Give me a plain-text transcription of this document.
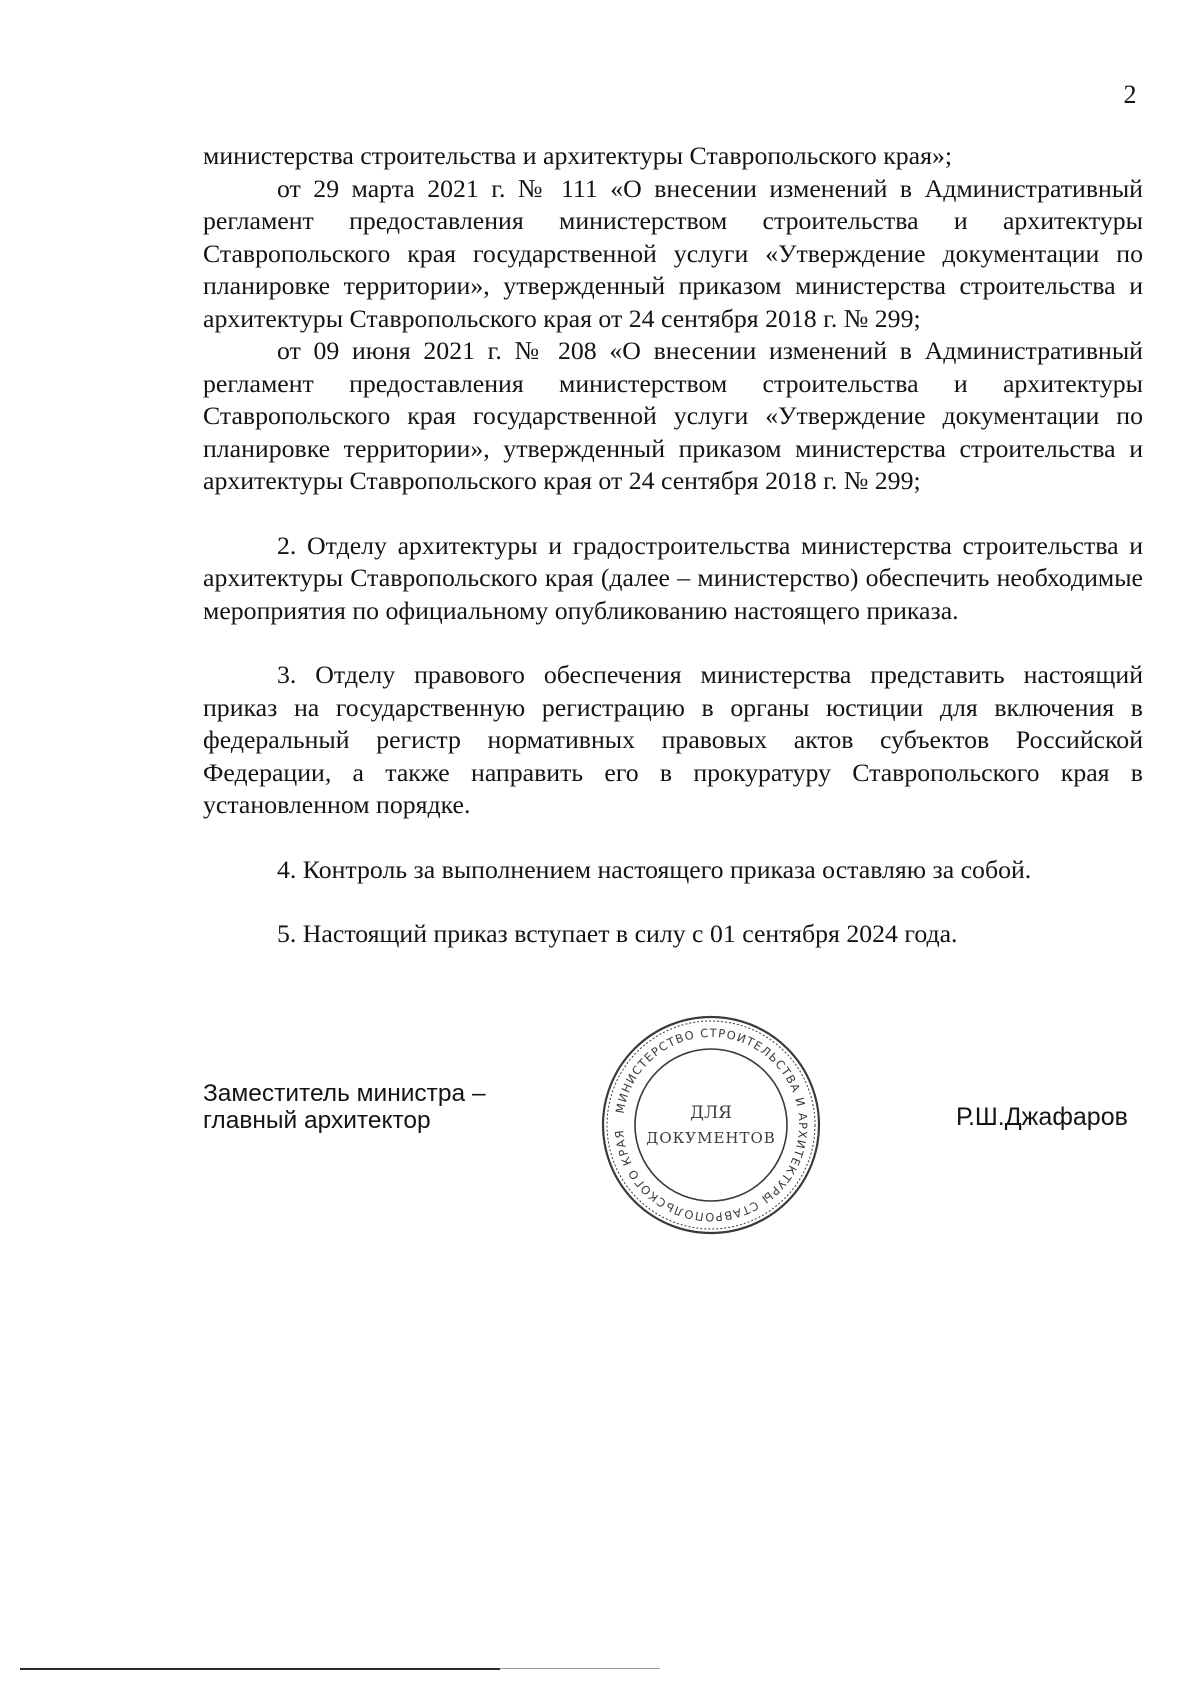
2

министерства строительства и архитектуры Ставропольского края»;

от 29 марта 2021 г. № 111 «О внесении изменений в Административный регламент предоставления министерством строительства и архитектуры Ставропольского края государственной услуги «Утверждение документации по планировке территории», утвержденный приказом министерства строительства и архитектуры Ставропольского края от 24 сентября 2018 г. № 299;

от 09 июня 2021 г. № 208 «О внесении изменений в Административный регламент предоставления министерством строительства и архитектуры Ставропольского края государственной услуги «Утверждение документации по планировке территории», утвержденный приказом министерства строительства и архитектуры Ставропольского края от 24 сентября 2018 г. № 299;

2. Отделу архитектуры и градостроительства министерства строительства и архитектуры Ставропольского края (далее – министерство) обеспечить необходимые мероприятия по официальному опубликованию настоящего приказа.

3. Отделу правового обеспечения министерства представить настоящий приказ на государственную регистрацию в органы юстиции для включения в федеральный регистр нормативных правовых актов субъектов Российской Федерации, а также направить его в прокуратуру Ставропольского края в установленном порядке.

4. Контроль за выполнением настоящего приказа оставляю за собой.

5. Настоящий приказ вступает в силу с 01 сентября 2024 года.

Заместитель министра –
главный архитектор	МИНИСТЕРСТВО СТРОИТЕЛЬСТВА И АРХИТЕКТУРЫ СТАВРОПОЛЬСКОГО КРАЯ
ДЛЯ
ДОКУМЕНТОВ
Р.Ш.Джафаров
